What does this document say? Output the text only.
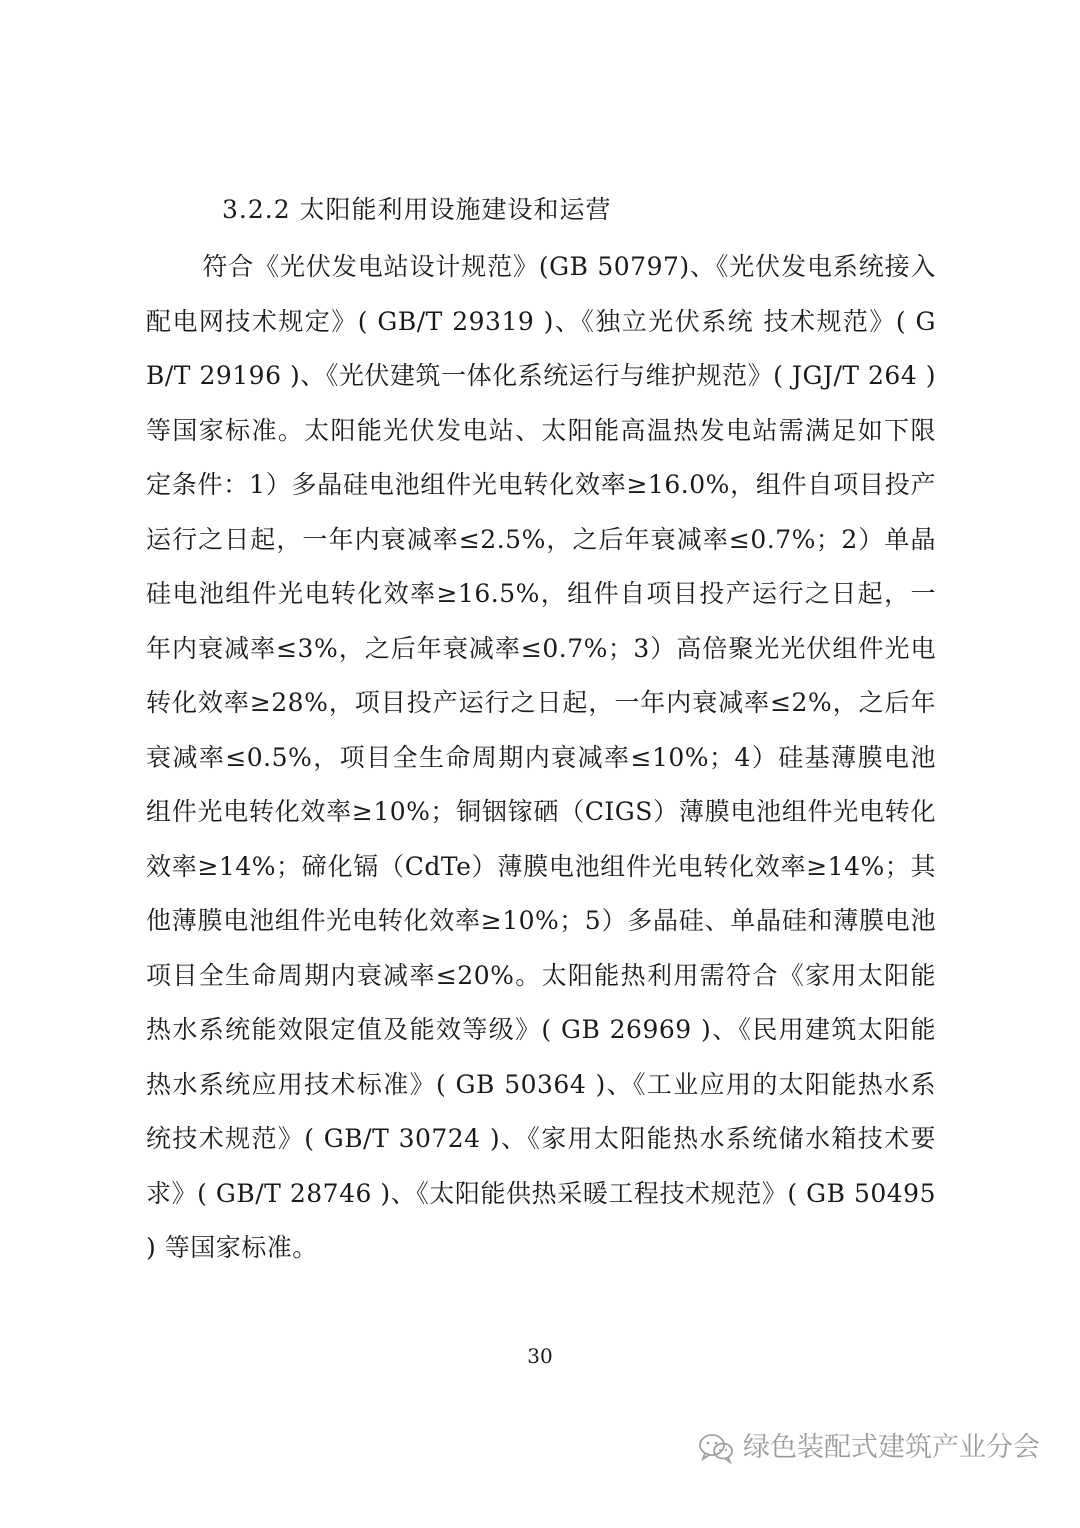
3.2.2 太阳能利用设施建设和运营
符合《光伏发电站设计规范》(GB 50797)、《光伏发电系统接入配电网技术规定》( GB/T 29319 )、《独立光伏系统 技术规范》( GB/T 29196 )、《光伏建筑一体化系统运行与维护规范》( JGJ/T 264 ) 等国家标准。太阳能光伏发电站、太阳能高温热发电站需满足如下限定条件：1）多晶硅电池组件光电转化效率≥16.0%，组件自项目投产运行之日起，一年内衰减率≤2.5%，之后年衰减率≤0.7%；2）单晶硅电池组件光电转化效率≥16.5%，组件自项目投产运行之日起，一年内衰减率≤3%，之后年衰减率≤0.7%；3）高倍聚光光伏组件光电转化效率≥28%，项目投产运行之日起，一年内衰减率≤2%，之后年衰减率≤0.5%，项目全生命周期内衰减率≤10%；4）硅基薄膜电池组件光电转化效率≥10%；铜铟镓硒（CIGS）薄膜电池组件光电转化效率≥14%；碲化镉（CdTe）薄膜电池组件光电转化效率≥14%；其他薄膜电池组件光电转化效率≥10%；5）多晶硅、单晶硅和薄膜电池项目全生命周期内衰减率≤20%。太阳能热利用需符合《家用太阳能热水系统能效限定值及能效等级》( GB 26969 )、《民用建筑太阳能热水系统应用技术标准》( GB 50364 )、《工业应用的太阳能热水系统技术规范》( GB/T 30724 )、《家用太阳能热水系统储水箱技术要求》( GB/T 28746 )、《太阳能供热采暖工程技术规范》( GB 50495 ) 等国家标准。
30
绿色装配式建筑产业分会
